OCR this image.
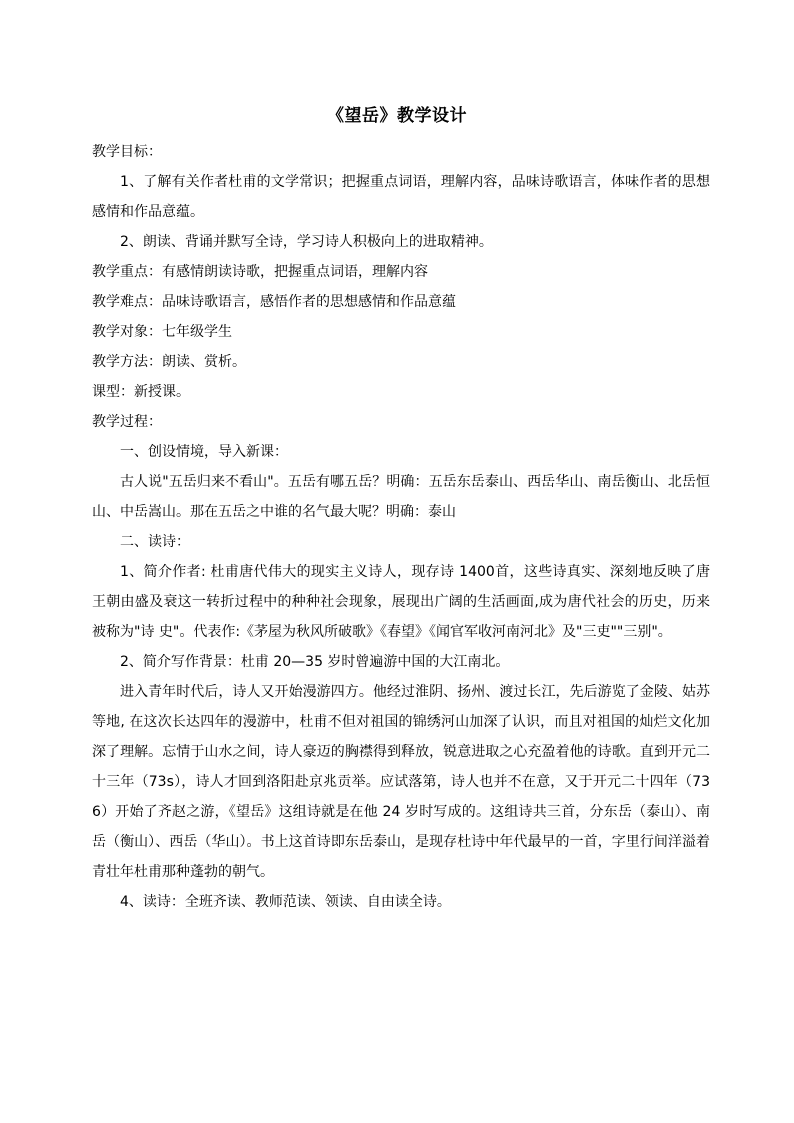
《望岳》教学设计

教学目标：

1、了解有关作者杜甫的文学常识；把握重点词语，理解内容，品味诗歌语言，体味作者的思想感情和作品意蕴。

2、朗读、背诵并默写全诗，学习诗人积极向上的进取精神。

教学重点：有感情朗读诗歌，把握重点词语，理解内容

教学难点：品味诗歌语言，感悟作者的思想感情和作品意蕴

教学对象：七年级学生

教学方法：朗读、赏析。

课型：新授课。

教学过程：

一、创设情境，导入新课：

古人说"五岳归来不看山"。五岳有哪五岳？明确：五岳东岳泰山、西岳华山、南岳衡山、北岳恒山、中岳嵩山。那在五岳之中谁的名气最大呢？明确：泰山

二、读诗：

1、简介作者: 杜甫唐代伟大的现实主义诗人，现存诗 1400首，这些诗真实、深刻地反映了唐王朝由盛及衰这一转折过程中的种种社会现象，展现出广阔的生活画面,成为唐代社会的历史，历来被称为"诗 史"。代表作:《茅屋为秋风所破歌》《春望》《闻官军收河南河北》及"三吏""三别"。

2、简介写作背景：杜甫 20—35 岁时曾遍游中国的大江南北。

进入青年时代后，诗人又开始漫游四方。他经过淮阴、扬州、渡过长江，先后游览了金陵、姑苏等地, 在这次长达四年的漫游中，杜甫不但对祖国的锦绣河山加深了认识，而且对祖国的灿烂文化加深了理解。忘情于山水之间，诗人豪迈的胸襟得到释放，锐意进取之心充盈着他的诗歌。直到开元二十三年（73s），诗人才回到洛阳赴京兆贡举。应试落第，诗人也并不在意，又于开元二十四年（736）开始了齐赵之游，《望岳》这组诗就是在他 24 岁时写成的。这组诗共三首，分东岳（泰山）、南岳（衡山）、西岳（华山）。书上这首诗即东岳泰山，是现存杜诗中年代最早的一首，字里行间洋溢着青壮年杜甫那种蓬勃的朝气。

4、读诗：全班齐读、教师范读、领读、自由读全诗。
